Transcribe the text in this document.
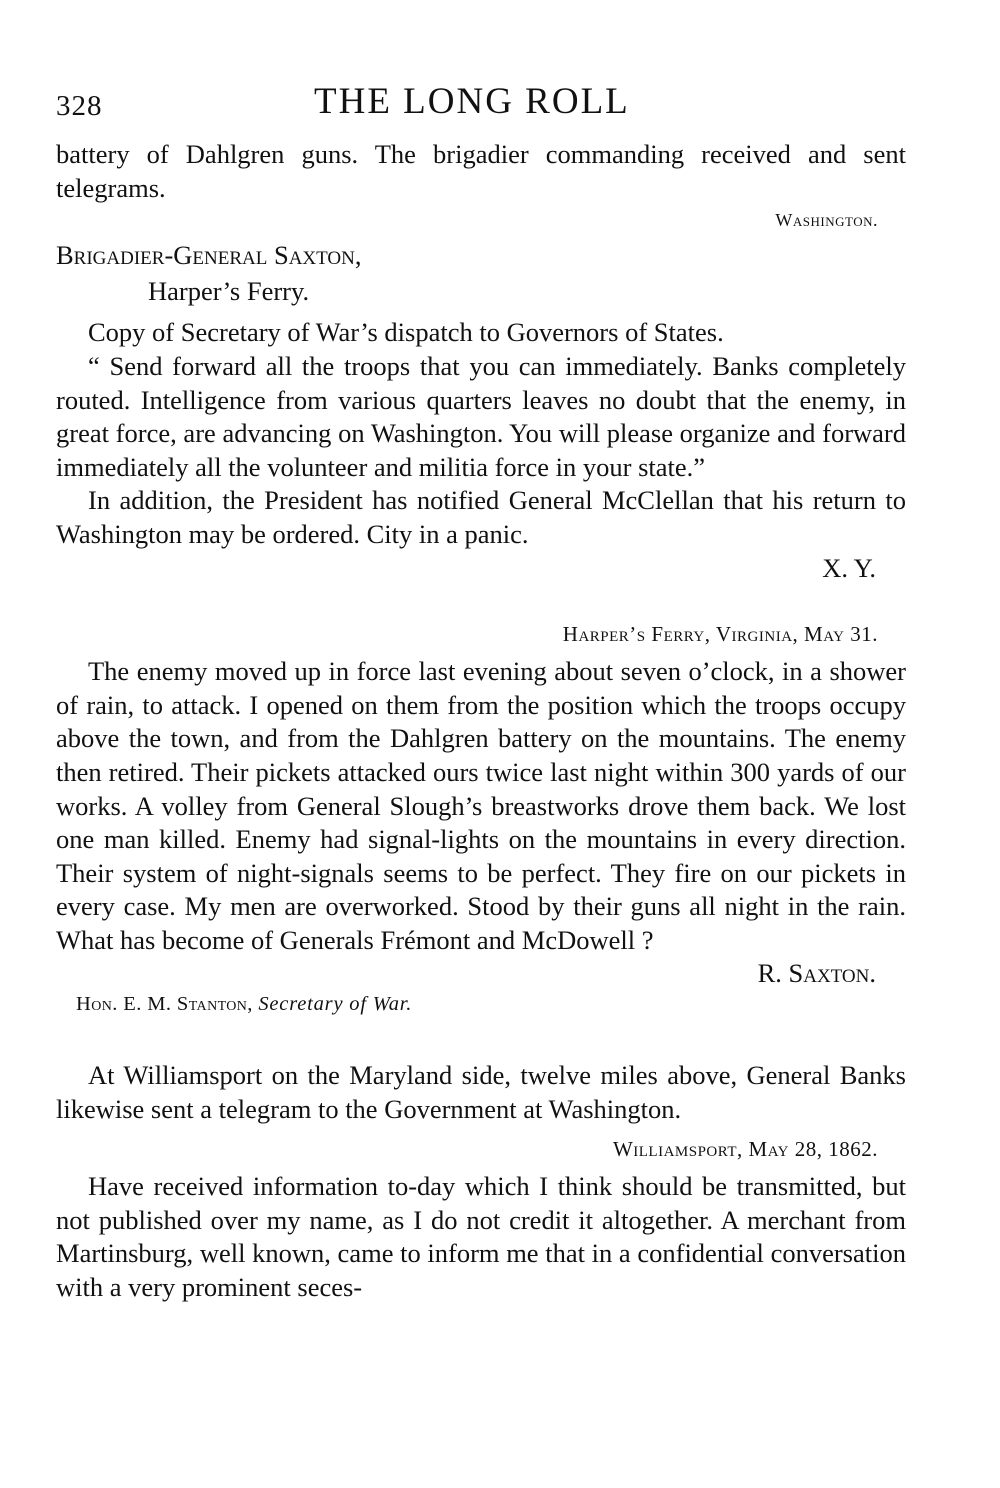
328	THE LONG ROLL

battery of Dahlgren guns. The brigadier commanding received and sent telegrams.

Washington.

Brigadier-General Saxton,

Harper’s Ferry.

Copy of Secretary of War’s dispatch to Governors of States.

“ Send forward all the troops that you can immediately. Banks completely routed. Intelligence from various quarters leaves no doubt that the enemy, in great force, are advancing on Washington. You will please organize and forward immediately all the volunteer and militia force in your state.”

In addition, the President has notified General McClellan that his return to Washington may be ordered. City in a panic.

X. Y.

Harper’s Ferry, Virginia, May 31.

The enemy moved up in force last evening about seven o’clock, in a shower of rain, to attack. I opened on them from the position which the troops occupy above the town, and from the Dahlgren battery on the mountains. The enemy then retired. Their pickets attacked ours twice last night within 300 yards of our works. A volley from General Slough’s breastworks drove them back. We lost one man killed. Enemy had signal-lights on the mountains in every direction. Their system of night-signals seems to be perfect. They fire on our pickets in every case. My men are overworked. Stood by their guns all night in the rain. What has become of Generals Frémont and McDowell ?

R. Saxton.

Hon. E. M. Stanton, Secretary of War.

At Williamsport on the Maryland side, twelve miles above, General Banks likewise sent a telegram to the Government at Washington.

Williamsport, May 28, 1862.

Have received information to-day which I think should be transmitted, but not published over my name, as I do not credit it altogether. A merchant from Martinsburg, well known, came to inform me that in a confidential conversation with a very prominent seces-
